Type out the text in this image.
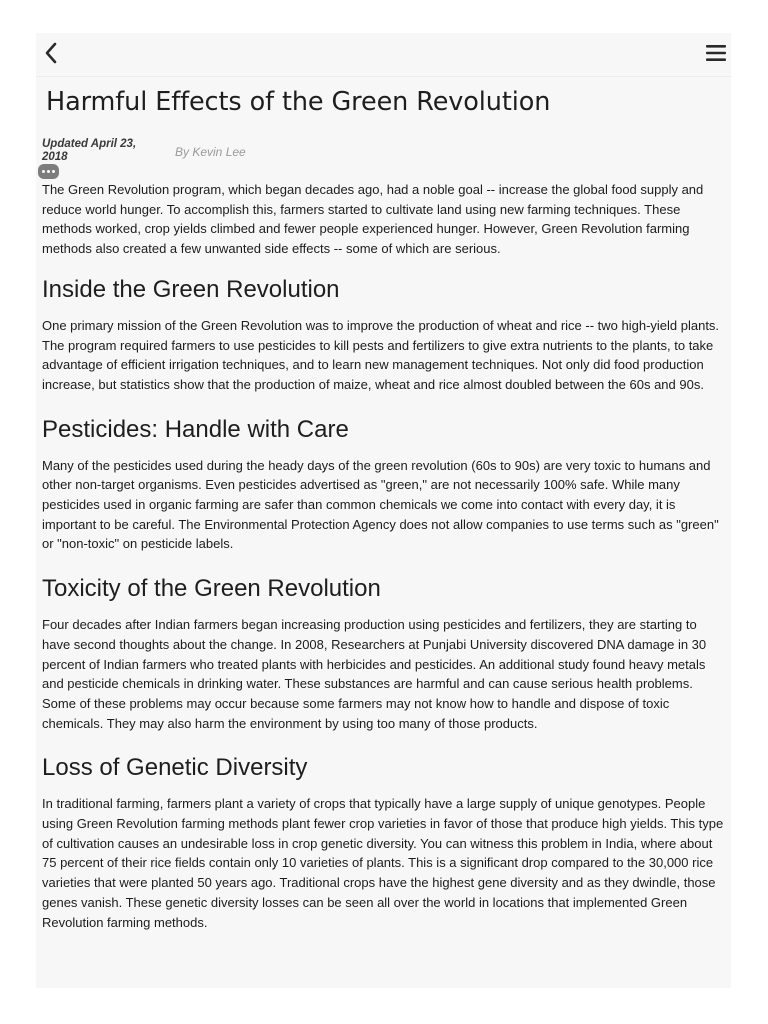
Harmful Effects of the Green Revolution
Updated April 23, 2018	By Kevin Lee

The Green Revolution program, which began decades ago, had a noble goal -- increase the global food supply and reduce world hunger. To accomplish this, farmers started to cultivate land using new farming techniques. These methods worked, crop yields climbed and fewer people experienced hunger. However, Green Revolution farming methods also created a few unwanted side effects -- some of which are serious.

Inside the Green Revolution

One primary mission of the Green Revolution was to improve the production of wheat and rice -- two high-yield plants. The program required farmers to use pesticides to kill pests and fertilizers to give extra nutrients to the plants, to take advantage of efficient irrigation techniques, and to learn new management techniques. Not only did food production increase, but statistics show that the production of maize, wheat and rice almost doubled between the 60s and 90s.

Pesticides: Handle with Care

Many of the pesticides used during the heady days of the green revolution (60s to 90s) are very toxic to humans and other non-target organisms. Even pesticides advertised as "green," are not necessarily 100% safe. While many pesticides used in organic farming are safer than common chemicals we come into contact with every day, it is important to be careful. The Environmental Protection Agency does not allow companies to use terms such as "green" or "non-toxic" on pesticide labels.

Toxicity of the Green Revolution

Four decades after Indian farmers began increasing production using pesticides and fertilizers, they are starting to have second thoughts about the change. In 2008, Researchers at Punjabi University discovered DNA damage in 30 percent of Indian farmers who treated plants with herbicides and pesticides. An additional study found heavy metals and pesticide chemicals in drinking water. These substances are harmful and can cause serious health problems. Some of these problems may occur because some farmers may not know how to handle and dispose of toxic chemicals. They may also harm the environment by using too many of those products.

Loss of Genetic Diversity

In traditional farming, farmers plant a variety of crops that typically have a large supply of unique genotypes. People using Green Revolution farming methods plant fewer crop varieties in favor of those that produce high yields. This type of cultivation causes an undesirable loss in crop genetic diversity. You can witness this problem in India, where about 75 percent of their rice fields contain only 10 varieties of plants. This is a significant drop compared to the 30,000 rice varieties that were planted 50 years ago. Traditional crops have the highest gene diversity and as they dwindle, those genes vanish. These genetic diversity losses can be seen all over the world in locations that implemented Green Revolution farming methods.
